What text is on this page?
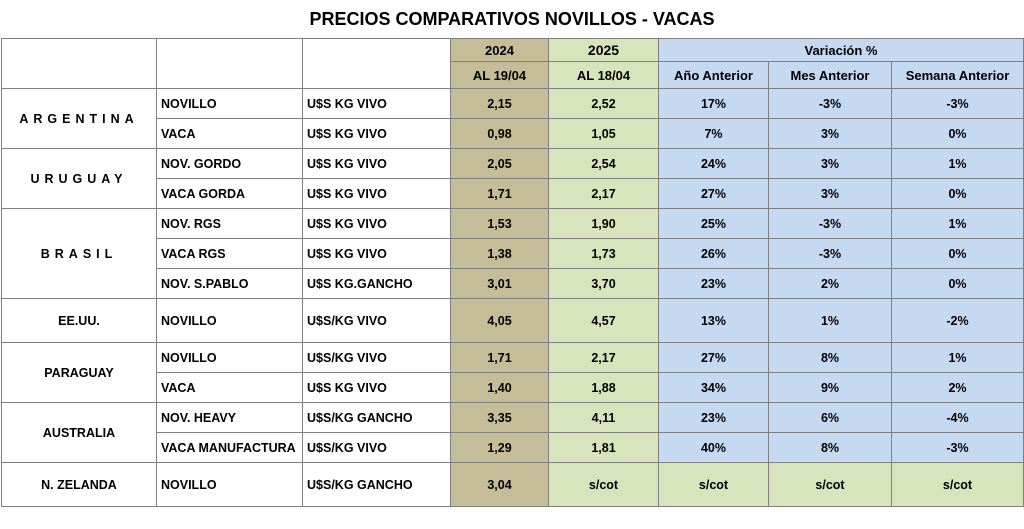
PRECIOS COMPARATIVOS NOVILLOS - VACAS
			2024	2025	Variación %		
			AL 19/04	AL 18/04	Año Anterior	Mes Anterior	Semana Anterior
ARGENTINA	NOVILLO	U$S KG VIVO	2,15	2,52	17%	-3%	-3%
	VACA	U$S KG VIVO	0,98	1,05	7%	3%	0%
URUGUAY	NOV. GORDO	U$S KG VIVO	2,05	2,54	24%	3%	1%
	VACA GORDA	U$S KG VIVO	1,71	2,17	27%	3%	0%
BRASIL	NOV. RGS	U$S KG VIVO	1,53	1,90	25%	-3%	1%
	VACA RGS	U$S KG VIVO	1,38	1,73	26%	-3%	0%
	NOV. S.PABLO	U$S KG.GANCHO	3,01	3,70	23%	2%	0%
EE.UU.	NOVILLO	U$S/KG VIVO	4,05	4,57	13%	1%	-2%
PARAGUAY	NOVILLO	U$S/KG VIVO	1,71	2,17	27%	8%	1%
	VACA	U$S KG VIVO	1,40	1,88	34%	9%	2%
AUSTRALIA	NOV. HEAVY	U$S/KG GANCHO	3,35	4,11	23%	6%	-4%
	VACA MANUFACTURA	U$S/KG VIVO	1,29	1,81	40%	8%	-3%
N. ZELANDA	NOVILLO	U$S/KG GANCHO	3,04	s/cot	s/cot	s/cot	s/cot
